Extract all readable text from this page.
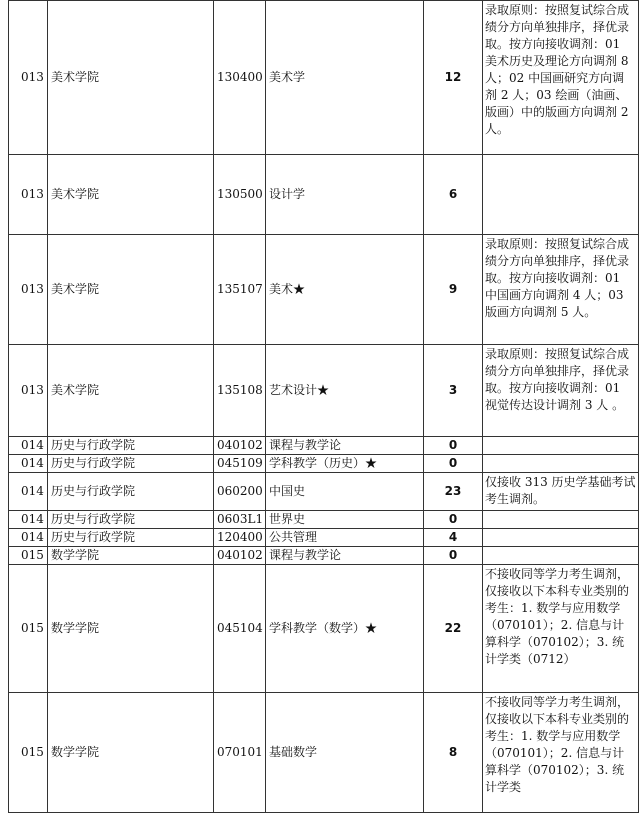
013	美术学院	130400	美术学	12	录取原则：按照复试综合成绩分方向单独排序，择优录取。按方向接收调剂：01 美术历史及理论方向调剂 8 人；02 中国画研究方向调剂 2 人；03 绘画（油画、版画）中的版画方向调剂 2 人。
013	美术学院	130500	设计学	6	
013	美术学院	135107	美术★	9	录取原则：按照复试综合成绩分方向单独排序，择优录取。按方向接收调剂：01 中国画方向调剂 4 人；03 版画方向调剂 5 人。
013	美术学院	135108	艺术设计★	3	录取原则：按照复试综合成绩分方向单独排序，择优录取。按方向接收调剂：01 视觉传达设计调剂 3 人 。
014	历史与行政学院	040102	课程与教学论	0	
014	历史与行政学院	045109	学科教学（历史）★	0	
014	历史与行政学院	060200	中国史	23	仅接收 313 历史学基础考试考生调剂。
014	历史与行政学院	0603L1	世界史	0	
014	历史与行政学院	120400	公共管理	4	
015	数学学院	040102	课程与教学论	0	
015	数学学院	045104	学科教学（数学）★	22	不接收同等学力考生调剂，仅接收以下本科专业类别的考生：1. 数学与应用数学（070101）；2. 信息与计算科学（070102）；3. 统计学类（0712）
015	数学学院	070101	基础数学	8	不接收同等学力考生调剂，仅接收以下本科专业类别的考生：1. 数学与应用数学（070101）；2. 信息与计算科学（070102）；3. 统计学类
